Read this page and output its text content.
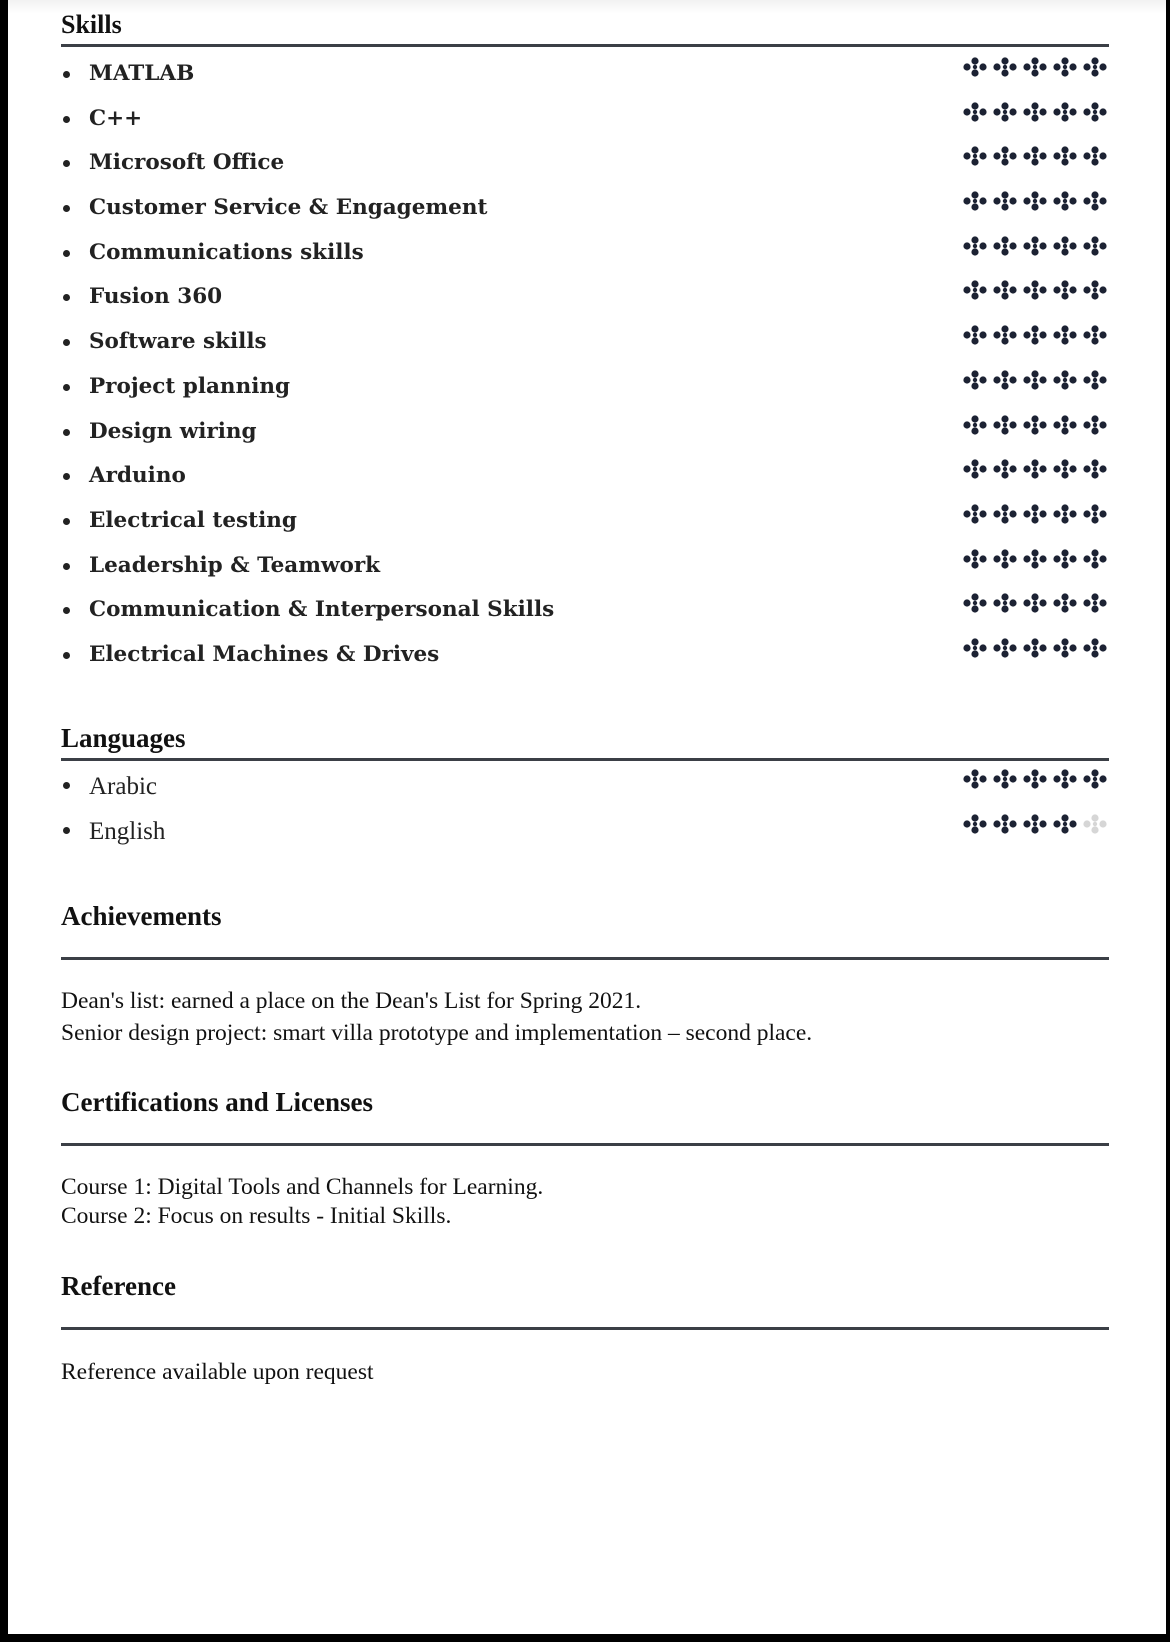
Skills
MATLAB
C++
Microsoft Office
Customer Service & Engagement
Communications skills
Fusion 360
Software skills
Project planning
Design wiring
Arduino
Electrical testing
Leadership & Teamwork
Communication & Interpersonal Skills
Electrical Machines & Drives
Languages
Arabic
English
Achievements

Dean's list: earned a place on the Dean's List for Spring 2021.

Senior design project: smart villa prototype and implementation – second place.

Certifications and Licenses

Course 1: Digital Tools and Channels for Learning.

Course 2: Focus on results - Initial Skills.

Reference

Reference available upon request
